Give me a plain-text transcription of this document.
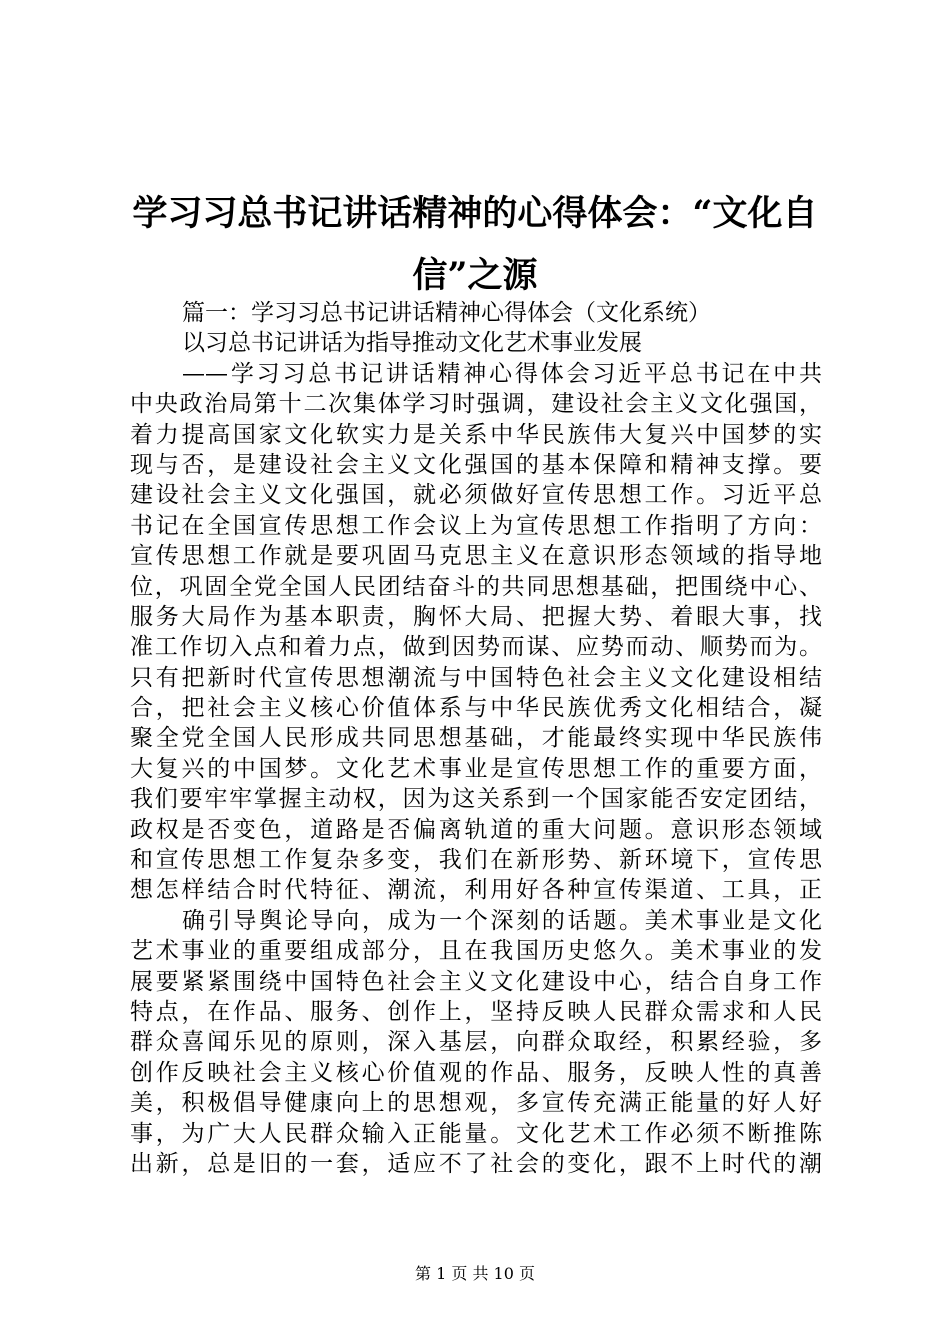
学习习总书记讲话精神的心得体会：“文化自
信”之源
篇一：学习习总书记讲话精神心得体会（文化系统）
以习总书记讲话为指导推动文化艺术事业发展
——学习习总书记讲话精神心得体会习近平总书记在中共
中央政治局第十二次集体学习时强调，建设社会主义文化强国，
着力提高国家文化软实力是关系中华民族伟大复兴中国梦的实
现与否，是建设社会主义文化强国的基本保障和精神支撑。要
建设社会主义文化强国，就必须做好宣传思想工作。习近平总
书记在全国宣传思想工作会议上为宣传思想工作指明了方向：
宣传思想工作就是要巩固马克思主义在意识形态领域的指导地
位，巩固全党全国人民团结奋斗的共同思想基础，把围绕中心、
服务大局作为基本职责，胸怀大局、把握大势、着眼大事，找
准工作切入点和着力点，做到因势而谋、应势而动、顺势而为。
只有把新时代宣传思想潮流与中国特色社会主义文化建设相结
合，把社会主义核心价值体系与中华民族优秀文化相结合，凝
聚全党全国人民形成共同思想基础，才能最终实现中华民族伟
大复兴的中国梦。文化艺术事业是宣传思想工作的重要方面，
我们要牢牢掌握主动权，因为这关系到一个国家能否安定团结，
政权是否变色，道路是否偏离轨道的重大问题。意识形态领域
和宣传思想工作复杂多变，我们在新形势、新环境下，宣传思
想怎样结合时代特征、潮流，利用好各种宣传渠道、工具，正
确引导舆论导向，成为一个深刻的话题。美术事业是文化
艺术事业的重要组成部分，且在我国历史悠久。美术事业的发
展要紧紧围绕中国特色社会主义文化建设中心，结合自身工作
特点，在作品、服务、创作上，坚持反映人民群众需求和人民
群众喜闻乐见的原则，深入基层，向群众取经，积累经验，多
创作反映社会主义核心价值观的作品、服务，反映人性的真善
美，积极倡导健康向上的思想观，多宣传充满正能量的好人好
事，为广大人民群众输入正能量。文化艺术工作必须不断推陈
出新，总是旧的一套，适应不了社会的变化，跟不上时代的潮
第 1 页 共 10 页
